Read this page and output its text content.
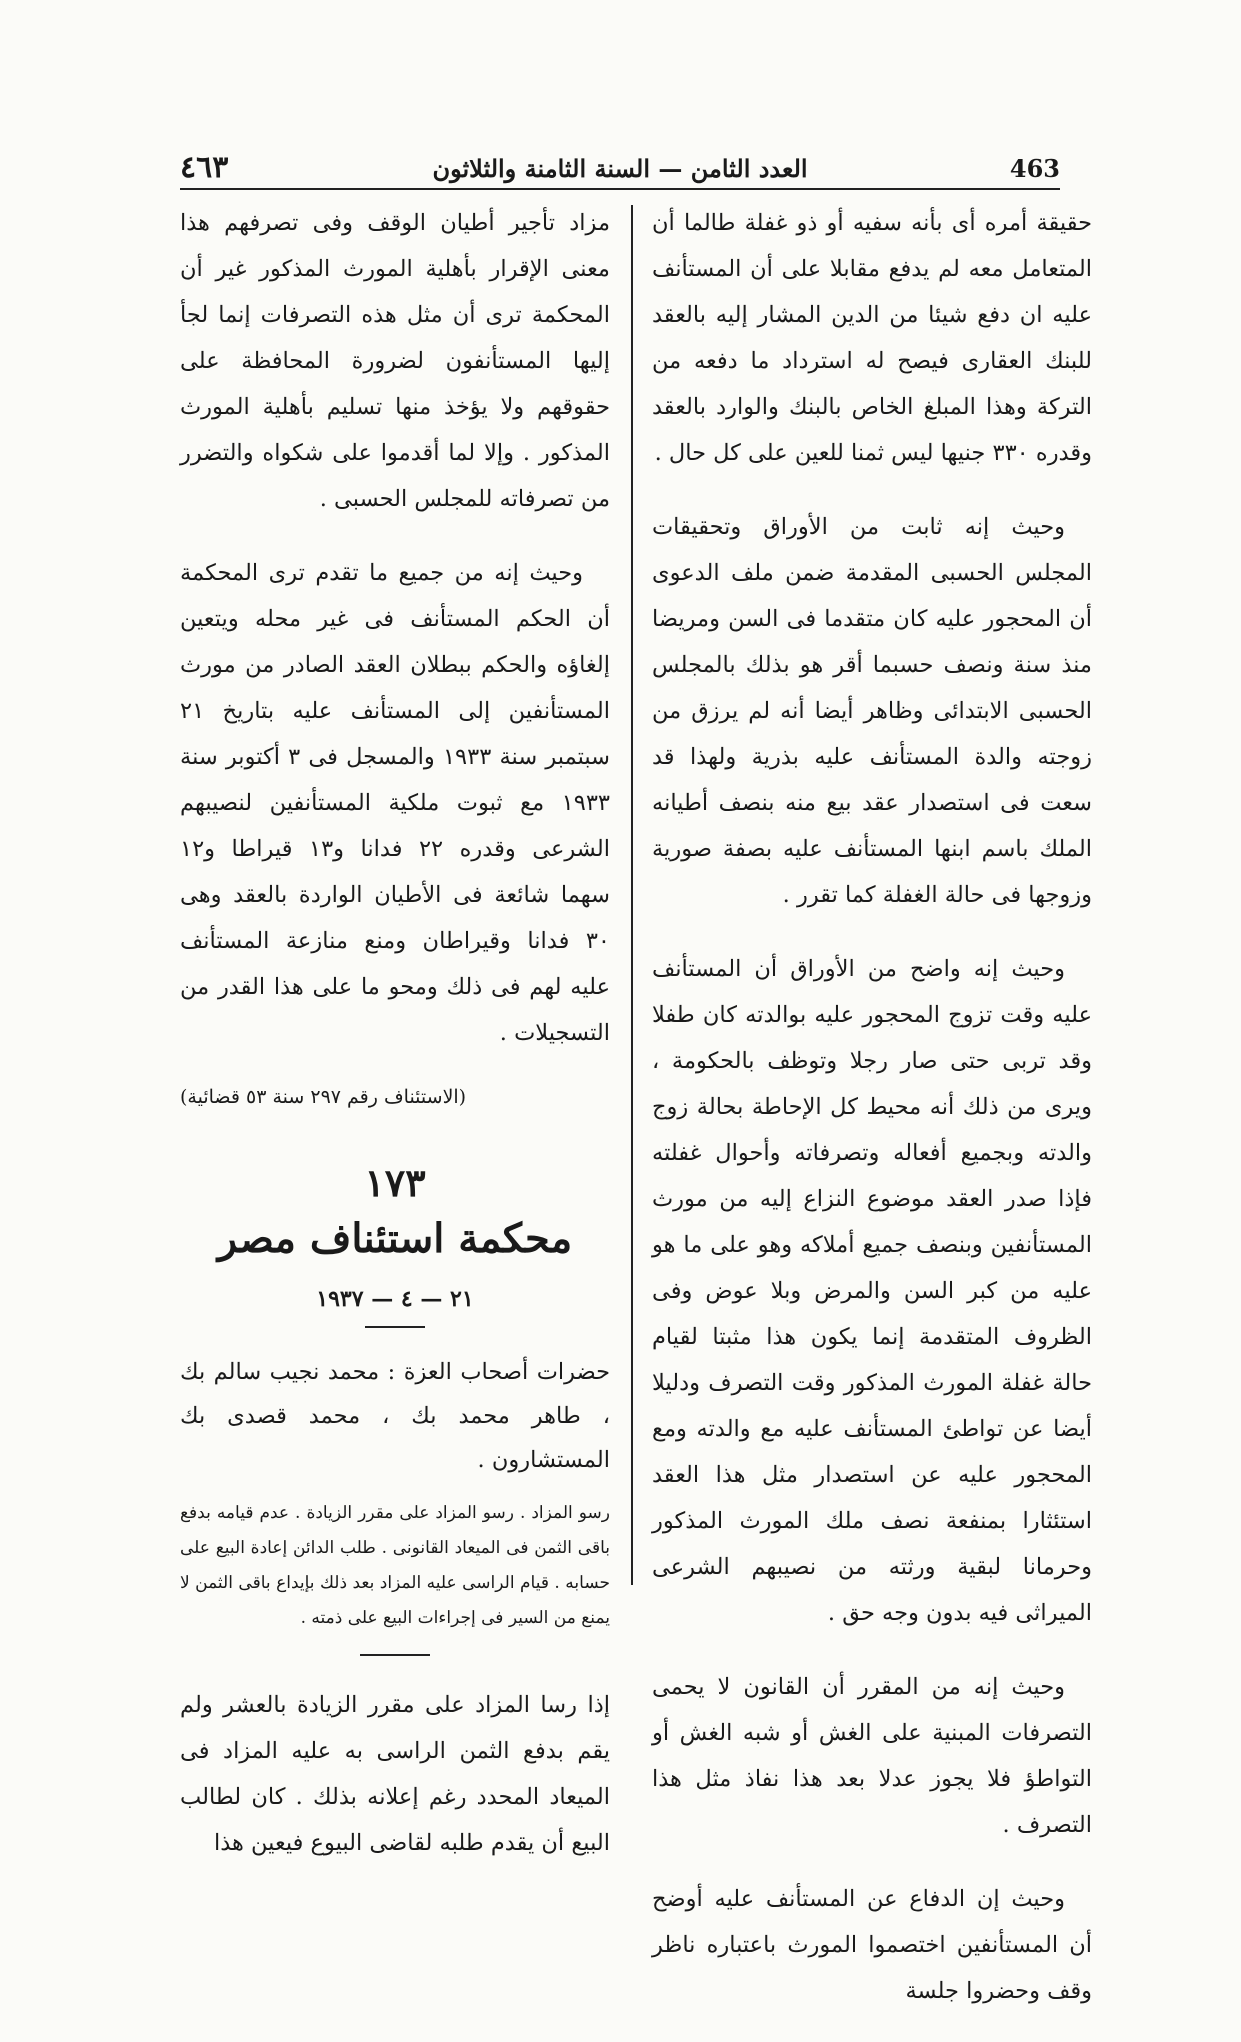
٤٦٣	العدد الثامن — السنة الثامنة والثلاثون	463

حقيقة أمره أى بأنه سفيه أو ذو غفلة طالما أن المتعامل معه لم يدفع مقابلا على أن المستأنف عليه ان دفع شيئا من الدين المشار إليه بالعقد للبنك العقارى فيصح له استرداد ما دفعه من التركة وهذا المبلغ الخاص بالبنك والوارد بالعقد وقدره ٣٣٠ جنيها ليس ثمنا للعين على كل حال .

وحيث إنه ثابت من الأوراق وتحقيقات المجلس الحسبى المقدمة ضمن ملف الدعوى أن المحجور عليه كان متقدما فى السن ومريضا منذ سنة ونصف حسبما أقر هو بذلك بالمجلس الحسبى الابتدائى وظاهر أيضا أنه لم يرزق من زوجته والدة المستأنف عليه بذرية ولهذا قد سعت فى استصدار عقد بيع منه بنصف أطيانه الملك باسم ابنها المستأنف عليه بصفة صورية وزوجها فى حالة الغفلة كما تقرر .

وحيث إنه واضح من الأوراق أن المستأنف عليه وقت تزوج المحجور عليه بوالدته كان طفلا وقد تربى حتى صار رجلا وتوظف بالحكومة ، ويرى من ذلك أنه محيط كل الإحاطة بحالة زوج والدته وبجميع أفعاله وتصرفاته وأحوال غفلته فإذا صدر العقد موضوع النزاع إليه من مورث المستأنفين وبنصف جميع أملاكه وهو على ما هو عليه من كبر السن والمرض وبلا عوض وفى الظروف المتقدمة إنما يكون هذا مثبتا لقيام حالة غفلة المورث المذكور وقت التصرف ودليلا أيضا عن تواطئ المستأنف عليه مع والدته ومع المحجور عليه عن استصدار مثل هذا العقد استئثارا بمنفعة نصف ملك المورث المذكور وحرمانا لبقية ورثته من نصيبهم الشرعى الميراثى فيه بدون وجه حق .

وحيث إنه من المقرر أن القانون لا يحمى التصرفات المبنية على الغش أو شبه الغش أو التواطؤ فلا يجوز عدلا بعد هذا نفاذ مثل هذا التصرف .

وحيث إن الدفاع عن المستأنف عليه أوضح أن المستأنفين اختصموا المورث باعتباره ناظر وقف وحضروا جلسة

مزاد تأجير أطيان الوقف وفى تصرفهم هذا معنى الإقرار بأهلية المورث المذكور غير أن المحكمة ترى أن مثل هذه التصرفات إنما لجأ إليها المستأنفون لضرورة المحافظة على حقوقهم ولا يؤخذ منها تسليم بأهلية المورث المذكور . وإلا لما أقدموا على شكواه والتضرر من تصرفاته للمجلس الحسبى .

وحيث إنه من جميع ما تقدم ترى المحكمة أن الحكم المستأنف فى غير محله ويتعين إلغاؤه والحكم ببطلان العقد الصادر من مورث المستأنفين إلى المستأنف عليه بتاريخ ٢١ سبتمبر سنة ١٩٣٣ والمسجل فى ٣ أكتوبر سنة ١٩٣٣ مع ثبوت ملكية المستأنفين لنصيبهم الشرعى وقدره ٢٢ فدانا و١٣ قيراطا و١٢ سهما شائعة فى الأطيان الواردة بالعقد وهى ٣٠ فدانا وقيراطان ومنع منازعة المستأنف عليه لهم فى ذلك ومحو ما على هذا القدر من التسجيلات .

(الاستئناف رقم ٢٩٧ سنة ٥٣ قضائية)

١٧٣
محكمة استئناف مصر
٢١ — ٤ — ١٩٣٧

حضرات أصحاب العزة : محمد نجيب سالم بك ، طاهر محمد بك ، محمد قصدى بك المستشارون .

رسو المزاد . رسو المزاد على مقرر الزيادة . عدم قيامه بدفع باقى الثمن فى الميعاد القانونى . طلب الدائن إعادة البيع على حسابه . قيام الراسى عليه المزاد بعد ذلك بإيداع باقى الثمن لا يمنع من السير فى إجراءات البيع على ذمته .

إذا رسا المزاد على مقرر الزيادة بالعشر ولم يقم بدفع الثمن الراسى به عليه المزاد فى الميعاد المحدد رغم إعلانه بذلك . كان لطالب البيع أن يقدم طلبه لقاضى البيوع فيعين هذا
